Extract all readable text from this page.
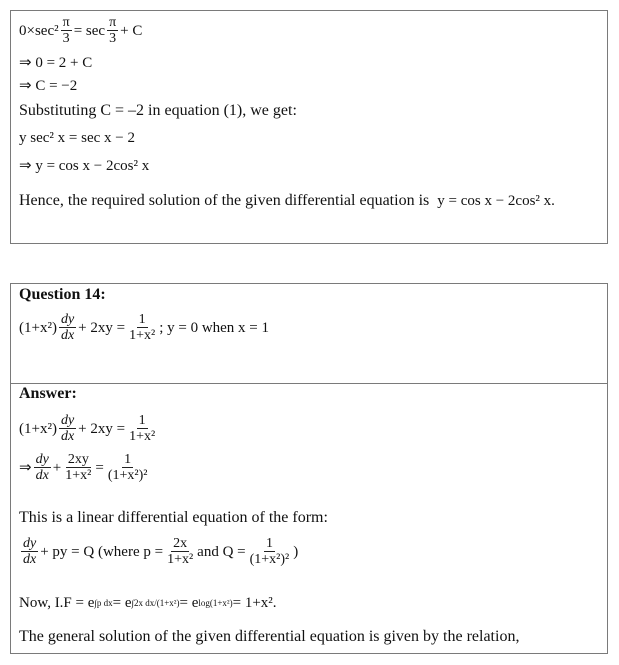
$0\times\sec^2 \frac{\pi}{3} = \sec \frac{\pi}{3} + C$
⇒ 0 = 2 + C
⇒ C = −2
Substituting C = –2 in equation (1), we get:
y sec² x = sec x − 2
⇒ y = cos x − 2cos² x
Hence, the required solution of the given differential equation is
y = cos x − 2cos² x.
Question 14:
$(1+x^2) \frac{dy}{dx} + 2xy = \frac{1}{\text{1+x²}}$ ; y = 0 when x = 1
Answer:
$(1+x^2) \frac{dy}{dx} + 2xy = \frac{1}{\text{1+x²}}$
⇒ $\frac{dy}{dx} + \frac{2xy}{\text{1+x²}} = \frac{1}{\text{(1+x²)²}}$
This is a linear differential equation of the form:
$\frac{dy}{dx}$ + py = Q (where $p = \frac{2x}{\text{1+x²}}$ and $Q = \frac{1}{\text{(1+x²)²}}$ )
Now, I.F = e ∫p dx = e ∫2x dx/(1+x²) = e log(1+x²) = 1+x².
The general solution of the given differential equation is given by the relation,
